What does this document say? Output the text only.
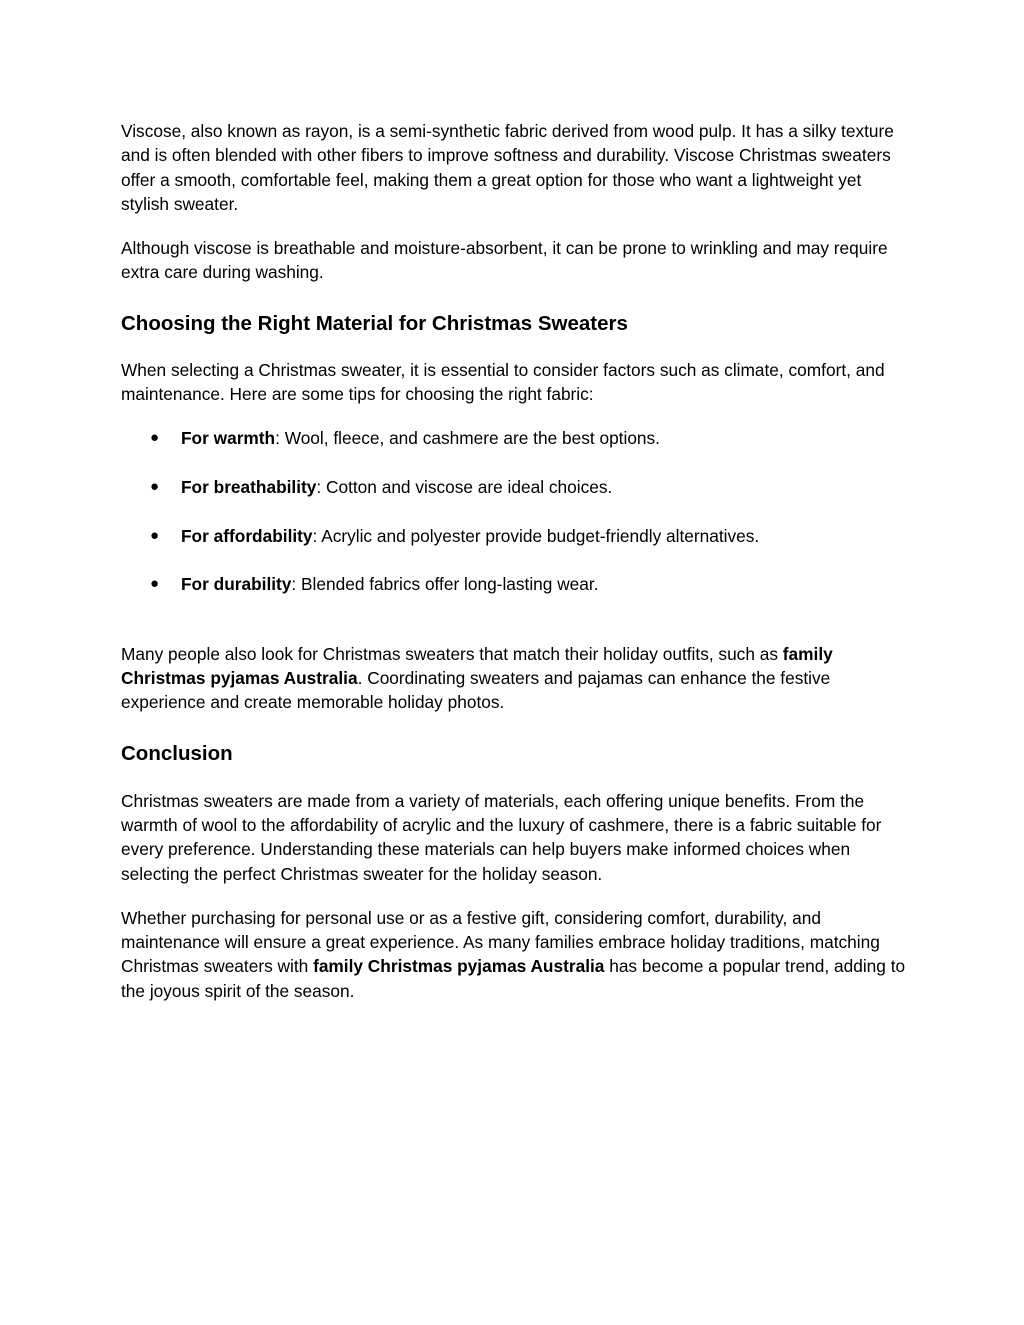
Viscose, also known as rayon, is a semi-synthetic fabric derived from wood pulp. It has a silky texture and is often blended with other fibers to improve softness and durability. Viscose Christmas sweaters offer a smooth, comfortable feel, making them a great option for those who want a lightweight yet stylish sweater.

Although viscose is breathable and moisture-absorbent, it can be prone to wrinkling and may require extra care during washing.

Choosing the Right Material for Christmas Sweaters

When selecting a Christmas sweater, it is essential to consider factors such as climate, comfort, and maintenance. Here are some tips for choosing the right fabric:

● For warmth: Wool, fleece, and cashmere are the best options.
● For breathability: Cotton and viscose are ideal choices.
● For affordability: Acrylic and polyester provide budget-friendly alternatives.
● For durability: Blended fabrics offer long-lasting wear.

Many people also look for Christmas sweaters that match their holiday outfits, such as family Christmas pyjamas Australia. Coordinating sweaters and pajamas can enhance the festive experience and create memorable holiday photos.

Conclusion

Christmas sweaters are made from a variety of materials, each offering unique benefits. From the warmth of wool to the affordability of acrylic and the luxury of cashmere, there is a fabric suitable for every preference. Understanding these materials can help buyers make informed choices when selecting the perfect Christmas sweater for the holiday season.

Whether purchasing for personal use or as a festive gift, considering comfort, durability, and maintenance will ensure a great experience. As many families embrace holiday traditions, matching Christmas sweaters with family Christmas pyjamas Australia has become a popular trend, adding to the joyous spirit of the season.
